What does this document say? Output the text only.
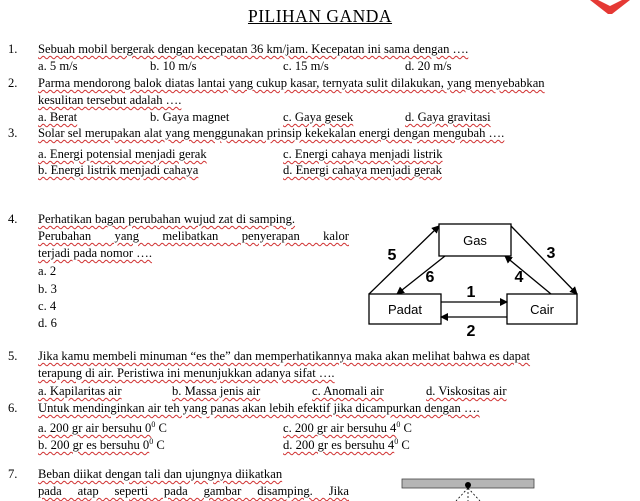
PILIHAN GANDA
1. Sebuah mobil bergerak dengan kecepatan 36 km/jam. Kecepatan ini sama dengan ….
a. 5 m/s	b. 10 m/s	c. 15 m/s	d. 20 m/s
2. Parma mendorong balok diatas lantai yang cukup kasar, ternyata sulit dilakukan, yang menyebabkan
kesulitan tersebut adalah ….
a. Berat	b. Gaya magnet	c. Gaya gesek	d. Gaya gravitasi
3. Solar sel merupakan alat yang menggunakan prinsip kekekalan energi dengan mengubah ….
a. Energi potensial menjadi gerak	c. Energi cahaya menjadi listrik
b. Energi listrik menjadi cahaya	d. Energi cahaya menjadi gerak
4. Perhatikan bagan perubahan wujud zat di samping.
Perubahan yang melibatkan penyerapan kalor
terjadi pada nomor ….
a. 2
b. 3
c. 4
d. 6
Gas
Padat	Cair
1
2
3
4
5
6
5. Jika kamu membeli minuman “es the” dan memperhatikannya maka akan melihat bahwa es dapat
terapung di air. Peristiwa ini menunjukkan adanya sifat ….
a. Kapilaritas air	b. Massa jenis air	c. Anomali air	d. Viskositas air
6. Untuk mendinginkan air teh yang panas akan lebih efektif jika dicampurkan dengan ….
a. 200 gr air bersuhu $0^0$ C	c. 200 gr air bersuhu $4^0$ C
b. 200 gr es bersuhu $0^0$ C	d. 200 gr es bersuhu $4^0$ C
7. Beban diikat dengan tali dan ujungnya diikatkan
pada atap seperti pada gambar disamping. Jika
